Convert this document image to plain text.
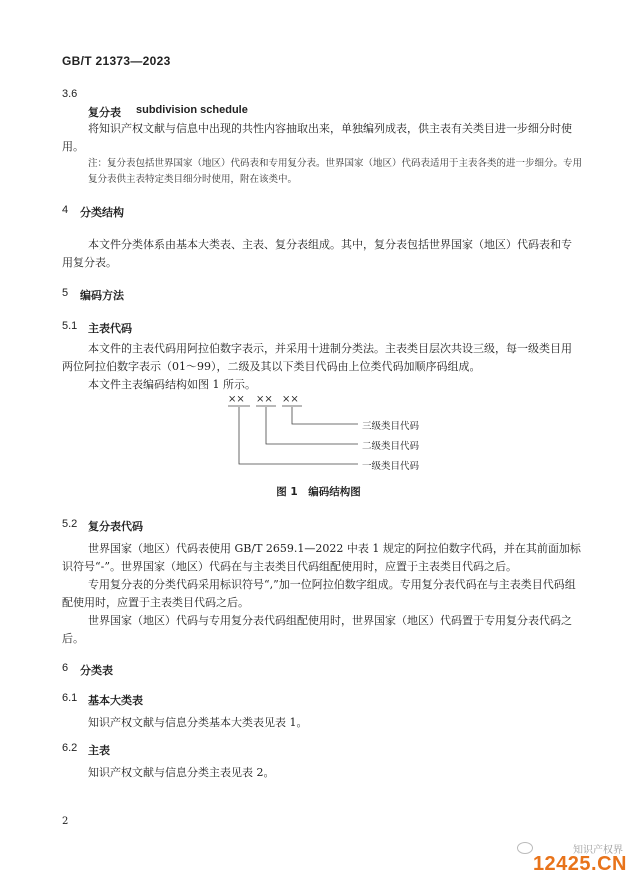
GB/T 21373—2023
3.6
复分表 subdivision schedule
将知识产权文献与信息中出现的共性内容抽取出来，单独编列成表，供主表有关类目进一步细分时使用。
注：复分表包括世界国家（地区）代码表和专用复分表。世界国家（地区）代码表适用于主表各类的进一步细分。专用复分表供主表特定类目细分时使用，附在该类中。
4 分类结构
本文件分类体系由基本大类表、主表、复分表组成。其中，复分表包括世界国家（地区）代码表和专用复分表。
5 编码方法
5.1 主表代码
本文件的主表代码用阿拉伯数字表示，并采用十进制分类法。主表类目层次共设三级，每一级类目用两位阿拉伯数字表示（01～99），二级及其以下类目代码由上位类代码加顺序码组成。
本文件主表编码结构如图 1 所示。
×× ×× ××
三级类目代码
二级类目代码
一级类目代码
图 1　编码结构图
5.2 复分表代码
世界国家（地区）代码表使用 GB/T 2659.1—2022 中表 1 规定的阿拉伯数字代码，并在其前面加标识符号“-”。世界国家（地区）代码在与主表类目代码组配使用时，应置于主表类目代码之后。
专用复分表的分类代码采用标识符号“,”加一位阿拉伯数字组成。专用复分表代码在与主表类目代码组配使用时，应置于主表类目代码之后。
世界国家（地区）代码与专用复分表代码组配使用时，世界国家（地区）代码置于专用复分表代码之后。
6 分类表
6.1 基本大类表
知识产权文献与信息分类基本大类表见表 1。
6.2 主表
知识产权文献与信息分类主表见表 2。
2
知识产权界
12425.CN
